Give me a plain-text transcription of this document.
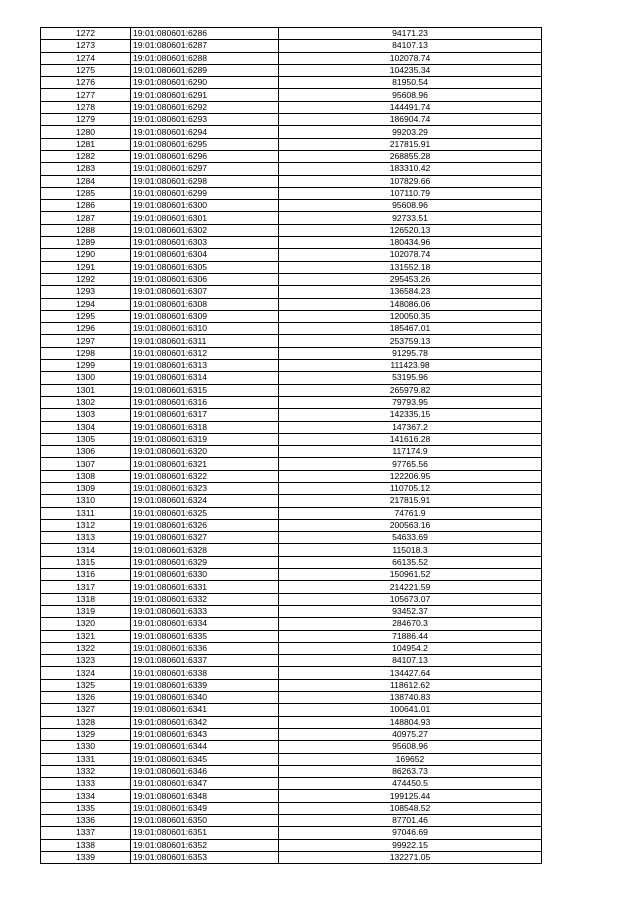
1272	19:01:080601:6286	94171.23
1273	19:01:080601:6287	84107.13
1274	19:01:080601:6288	102078.74
1275	19:01:080601:6289	104235.34
1276	19:01:080601:6290	81950.54
1277	19:01:080601:6291	95608.96
1278	19:01:080601:6292	144491.74
1279	19:01:080601:6293	186904.74
1280	19:01:080601:6294	99203.29
1281	19:01:080601:6295	217815.91
1282	19:01:080601:6296	268855.28
1283	19:01:080601:6297	183310.42
1284	19:01:080601:6298	107829.66
1285	19:01:080601:6299	107110.79
1286	19:01:080601:6300	95608.96
1287	19:01:080601:6301	92733.51
1288	19:01:080601:6302	126520.13
1289	19:01:080601:6303	180434.96
1290	19:01:080601:6304	102078.74
1291	19:01:080601:6305	131552.18
1292	19:01:080601:6306	295453.26
1293	19:01:080601:6307	136584.23
1294	19:01:080601:6308	148086.06
1295	19:01:080601:6309	120050.35
1296	19:01:080601:6310	185467.01
1297	19:01:080601:6311	253759.13
1298	19:01:080601:6312	91295.78
1299	19:01:080601:6313	111423.98
1300	19:01:080601:6314	53195.96
1301	19:01:080601:6315	265979.82
1302	19:01:080601:6316	79793.95
1303	19:01:080601:6317	142335.15
1304	19:01:080601:6318	147367.2
1305	19:01:080601:6319	141616.28
1306	19:01:080601:6320	117174.9
1307	19:01:080601:6321	97765.56
1308	19:01:080601:6322	122206.95
1309	19:01:080601:6323	110705.12
1310	19:01:080601:6324	217815.91
1311	19:01:080601:6325	74761.9
1312	19:01:080601:6326	200563.16
1313	19:01:080601:6327	54633.69
1314	19:01:080601:6328	115018.3
1315	19:01:080601:6329	66135.52
1316	19:01:080601:6330	150961.52
1317	19:01:080601:6331	214221.59
1318	19:01:080601:6332	105673.07
1319	19:01:080601:6333	93452.37
1320	19:01:080601:6334	284670.3
1321	19:01:080601:6335	71886.44
1322	19:01:080601:6336	104954.2
1323	19:01:080601:6337	84107.13
1324	19:01:080601:6338	134427.64
1325	19:01:080601:6339	118612.62
1326	19:01:080601:6340	138740.83
1327	19:01:080601:6341	100641.01
1328	19:01:080601:6342	148804.93
1329	19:01:080601:6343	40975.27
1330	19:01:080601:6344	95608.96
1331	19:01:080601:6345	169652
1332	19:01:080601:6346	86263.73
1333	19:01:080601:6347	474450.5
1334	19:01:080601:6348	199125.44
1335	19:01:080601:6349	108548.52
1336	19:01:080601:6350	87701.46
1337	19:01:080601:6351	97046.69
1338	19:01:080601:6352	99922.15
1339	19:01:080601:6353	132271.05
